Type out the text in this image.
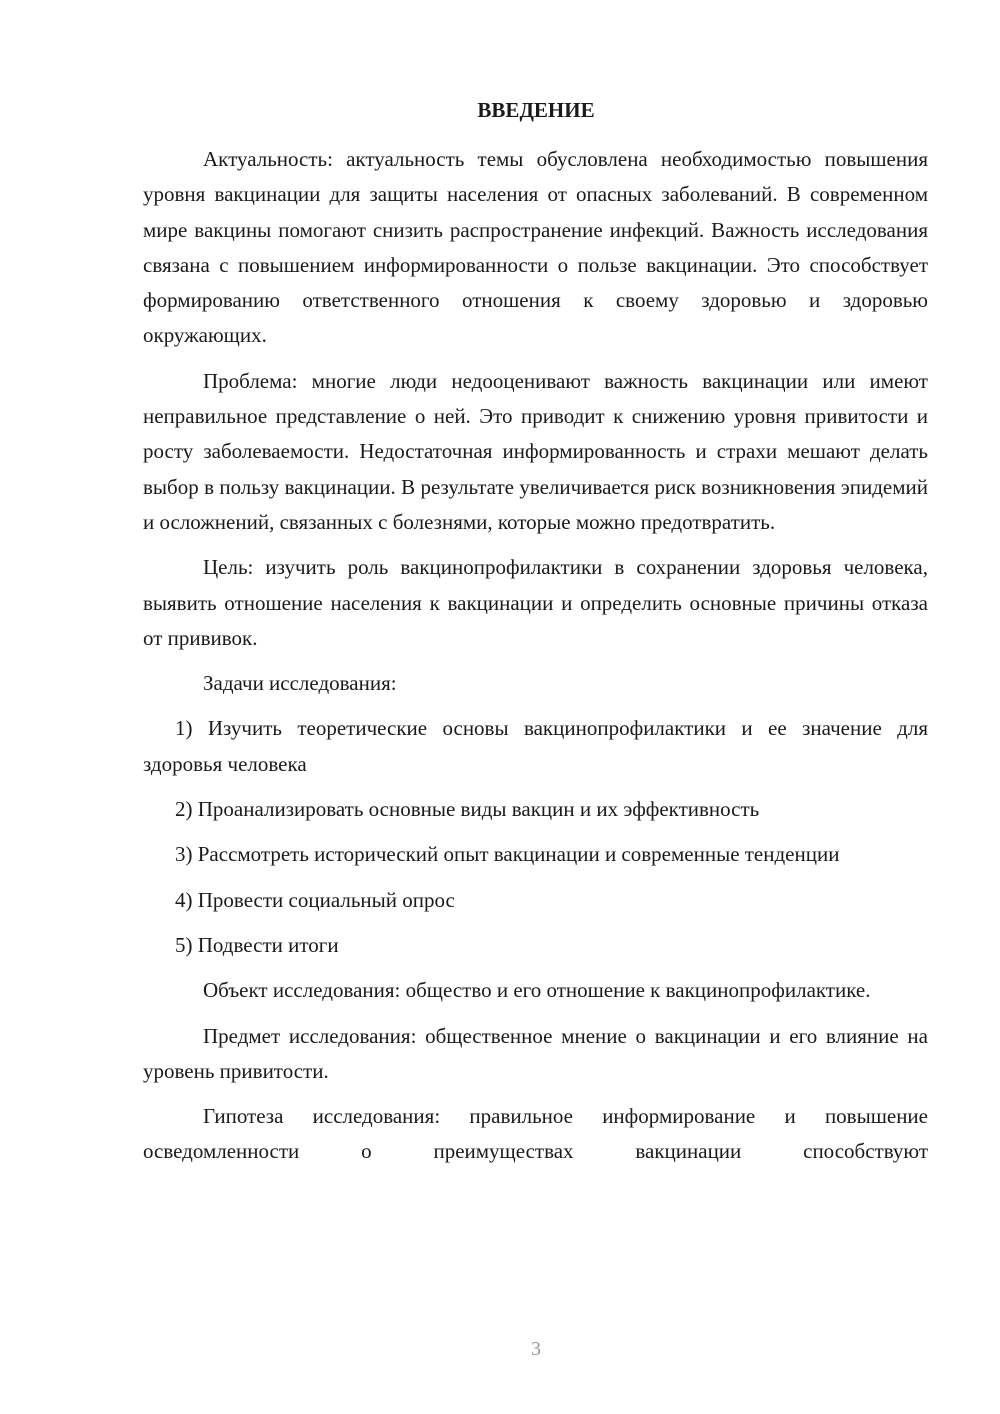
ВВЕДЕНИЕ

Актуальность: актуальность темы обусловлена необходимостью повышения уровня вакцинации для защиты населения от опасных заболеваний. В современном мире вакцины помогают снизить распространение инфекций. Важность исследования связана с повышением информированности о пользе вакцинации. Это способствует формированию ответственного отношения к своему здоровью и здоровью окружающих.

Проблема: многие люди недооценивают важность вакцинации или имеют неправильное представление о ней. Это приводит к снижению уровня привитости и росту заболеваемости. Недостаточная информированность и страхи мешают делать выбор в пользу вакцинации. В результате увеличивается риск возникновения эпидемий и осложнений, связанных с болезнями, которые можно предотвратить.

Цель: изучить роль вакцинопрофилактики в сохранении здоровья человека, выявить отношение населения к вакцинации и определить основные причины отказа от прививок.

Задачи исследования:

1) Изучить теоретические основы вакцинопрофилактики и ее значение для здоровья человека

2) Проанализировать основные виды вакцин и их эффективность

3) Рассмотреть исторический опыт вакцинации и современные тенденции

4) Провести социальный опрос

5) Подвести итоги

Объект исследования: общество и его отношение к вакцинопрофилактике.

Предмет исследования: общественное мнение о вакцинации и его влияние на уровень привитости.

Гипотеза исследования: правильное информирование и повышение осведомленности о преимуществах вакцинации способствуют

3
